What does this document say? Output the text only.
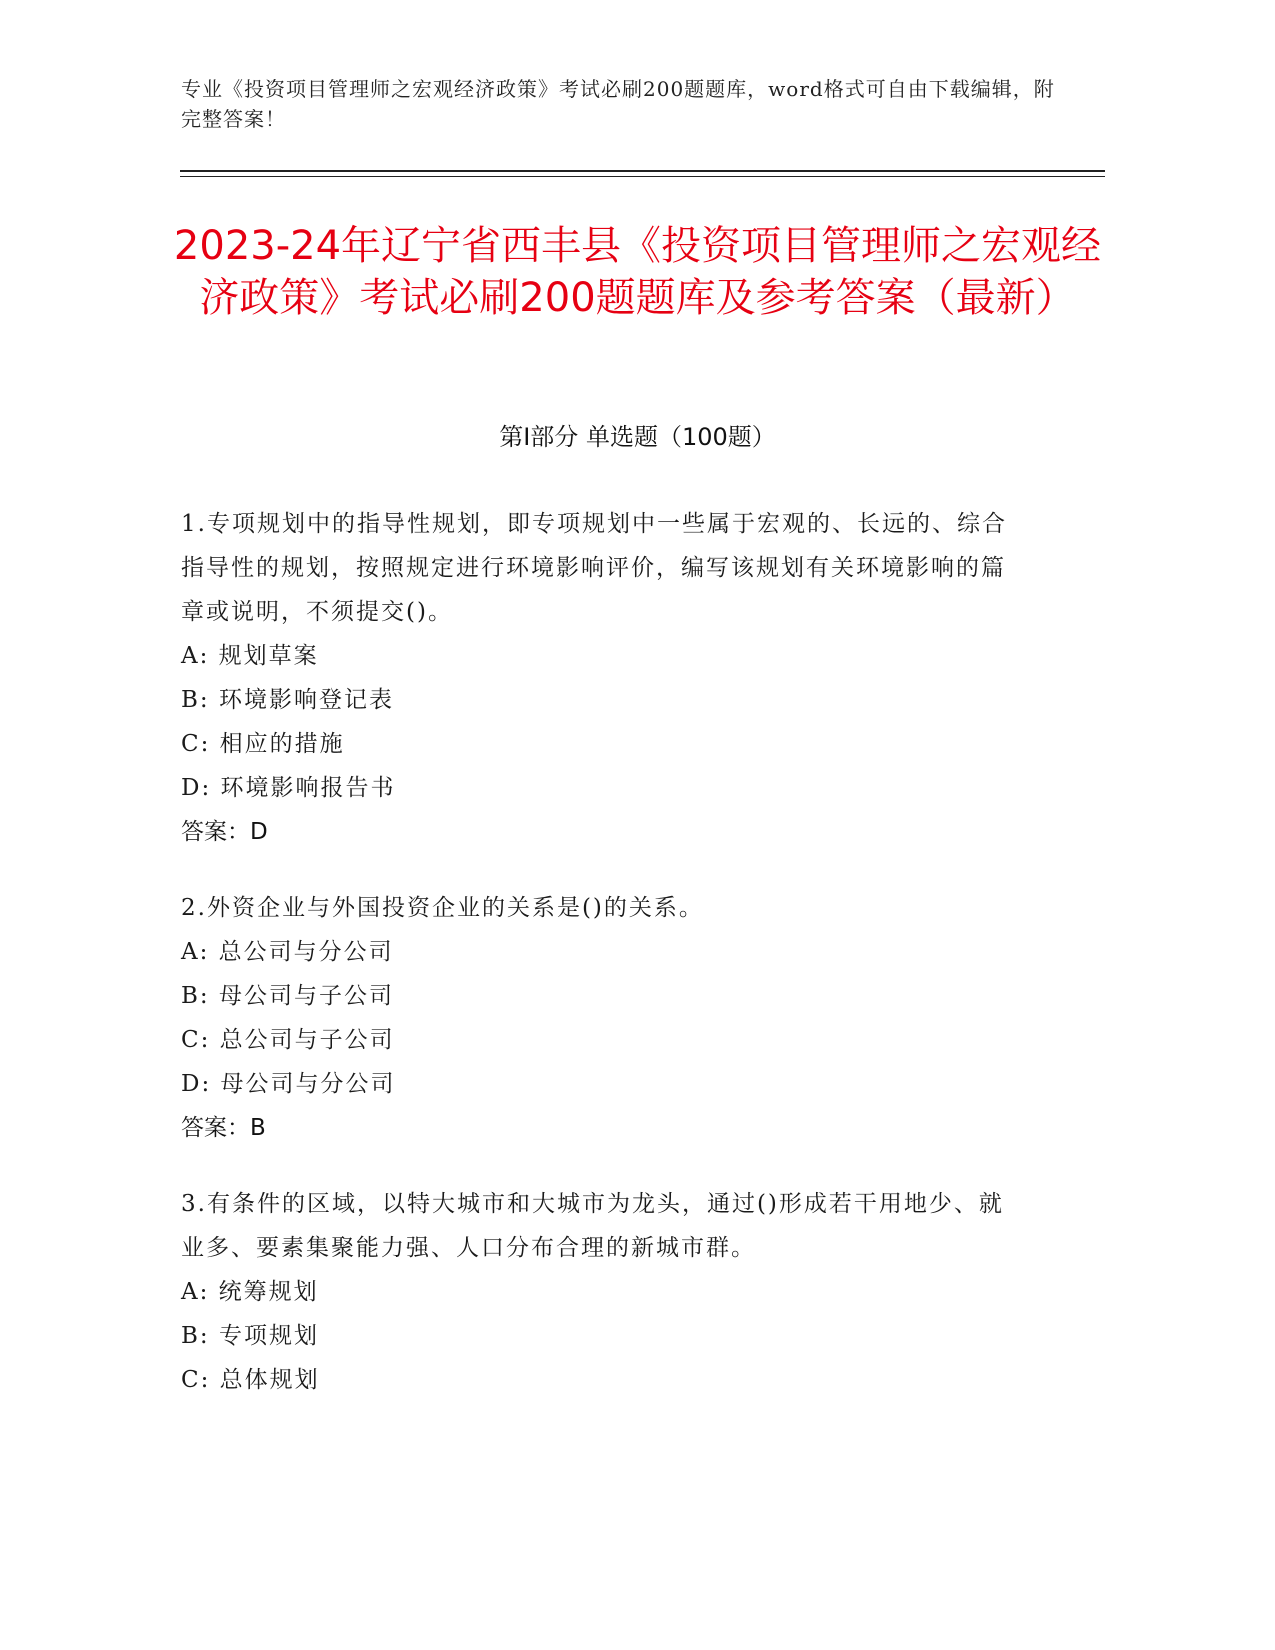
专业《投资项目管理师之宏观经济政策》考试必刷200题题库，word格式可自由下载编辑，附完整答案！
2023-24年辽宁省西丰县《投资项目管理师之宏观经济政策》考试必刷200题题库及参考答案（最新）
第I部分 单选题（100题）

1.专项规划中的指导性规划，即专项规划中一些属于宏观的、长远的、综合指导性的规划，按照规定进行环境影响评价，编写该规划有关环境影响的篇章或说明，不须提交()。

A: 规划草案

B: 环境影响登记表

C: 相应的措施

D: 环境影响报告书

答案：D

2.外资企业与外国投资企业的关系是()的关系。

A: 总公司与分公司

B: 母公司与子公司

C: 总公司与子公司

D: 母公司与分公司

答案：B

3.有条件的区域，以特大城市和大城市为龙头，通过()形成若干用地少、就业多、要素集聚能力强、人口分布合理的新城市群。

A: 统筹规划

B: 专项规划

C: 总体规划
